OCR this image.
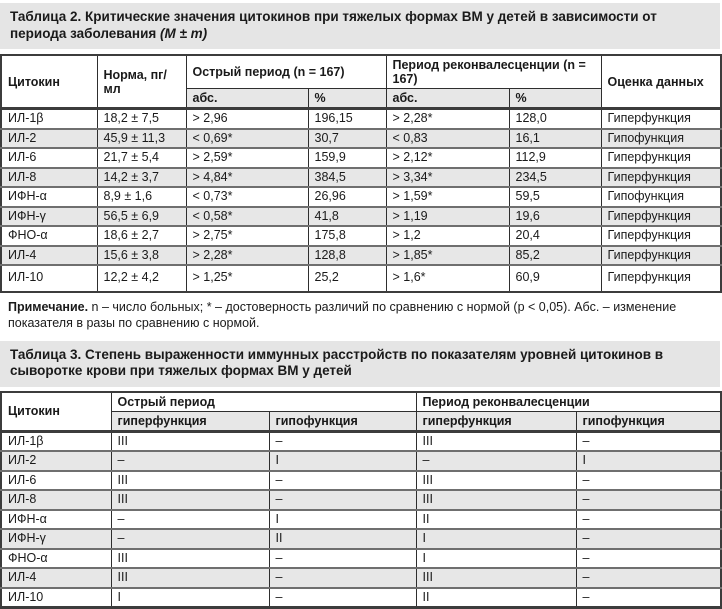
Таблица 2. Критические значения цитокинов при тяжелых формах ВМ у детей в зависимости от периода заболевания (M ± m)
Цитокин	Норма, пг/мл	Острый период (n = 167)		Период реконвалесценции (n = 167)		Оценка данных
		абс.	%	абс.	%	
ИЛ-1β	18,2 ± 7,5	> 2,96	196,15	> 2,28*	128,0	Гиперфункция
ИЛ-2	45,9 ± 11,3	< 0,69*	30,7	< 0,83	16,1	Гипофункция
ИЛ-6	21,7 ± 5,4	> 2,59*	159,9	> 2,12*	112,9	Гиперфункция
ИЛ-8	14,2 ± 3,7	> 4,84*	384,5	> 3,34*	234,5	Гиперфункция
ИФН-α	8,9 ± 1,6	< 0,73*	26,96	> 1,59*	59,5	Гипофункция
ИФН-γ	56,5 ± 6,9	< 0,58*	41,8	> 1,19	19,6	Гиперфункция
ФНО-α	18,6 ± 2,7	> 2,75*	175,8	> 1,2	20,4	Гиперфункция
ИЛ-4	15,6 ± 3,8	> 2,28*	128,8	> 1,85*	85,2	Гиперфункция
ИЛ-10	12,2 ± 4,2	> 1,25*	25,2	> 1,6*	60,9	Гиперфункция
Примечание. n – число больных; * – достоверность различий по сравнению с нормой (p < 0,05). Абс. – изменение показателя в разы по сравнению с нормой.
Таблица 3. Степень выраженности иммунных расстройств по показателям уровней цитокинов в сыворотке крови при тяжелых формах ВМ у детей
Цитокин	Острый период		Период реконвалесценции	
	гиперфункция	гипофункция	гиперфункция	гипофункция
ИЛ-1β	III	–	III	–
ИЛ-2	–	I	–	I
ИЛ-6	III	–	III	–
ИЛ-8	III	–	III	–
ИФН-α	–	I	II	–
ИФН-γ	–	II	I	–
ФНО-α	III	–	I	–
ИЛ-4	III	–	III	–
ИЛ-10	I	–	II	–
